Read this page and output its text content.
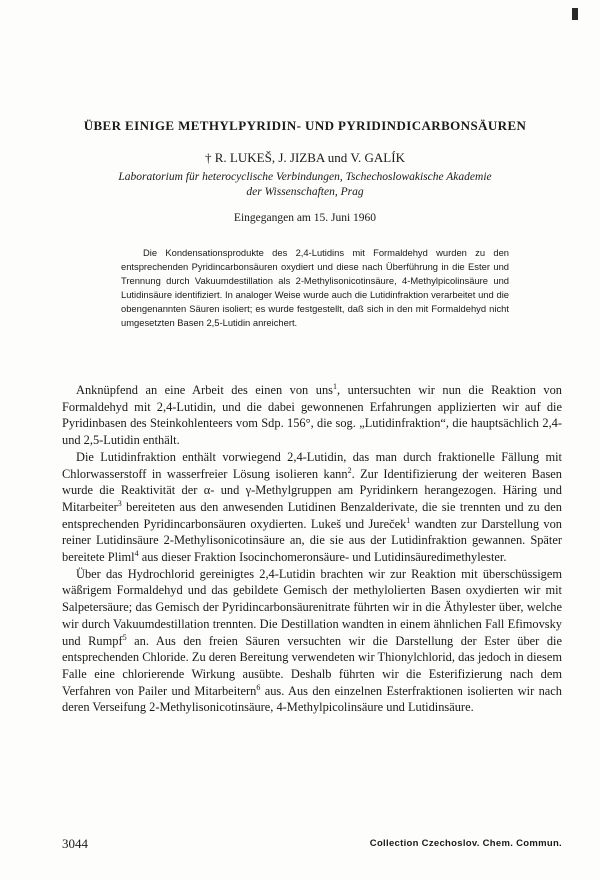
ÜBER EINIGE METHYLPYRIDIN- UND PYRIDINDICARBONSÄUREN
† R. LUKEŠ, J. JIZBA und V. GALÍK
Laboratorium für heterocyclische Verbindungen, Tschechoslowakische Akademie
der Wissenschaften, Prag
Eingegangen am 15. Juni 1960

Die Kondensationsprodukte des 2,4-Lutidins mit Formaldehyd wurden zu den entsprechenden Pyridincarbonsäuren oxydiert und diese nach Überführung in die Ester und Trennung durch Vakuumdestillation als 2-Methylisonicotinsäure, 4-Methylpicolinsäure und Lutidinsäure identifiziert. In analoger Weise wurde auch die Lutidinfraktion verarbeitet und die obengenannten Säuren isoliert; es wurde festgestellt, daß sich in den mit Formaldehyd nicht umgesetzten Basen 2,5-Lutidin anreichert.

Anknüpfend an eine Arbeit des einen von uns$^1$, untersuchten wir nun die Reaktion von Formaldehyd mit 2,4-Lutidin, und die dabei gewonnenen Erfahrungen applizierten wir auf die Pyridinbasen des Steinkohlenteers vom Sdp. 156°, die sog. „Lutidinfraktion“, die hauptsächlich 2,4- und 2,5-Lutidin enthält.

Die Lutidinfraktion enthält vorwiegend 2,4-Lutidin, das man durch fraktionelle Fällung mit Chlorwasserstoff in wasserfreier Lösung isolieren kann$^2$. Zur Identifizierung der weiteren Basen wurde die Reaktivität der α- und γ-Methylgruppen am Pyridinkern herangezogen. Häring und Mitarbeiter$^3$ bereiteten aus den anwesenden Lutidinen Benzalderivate, die sie trennten und zu den entsprechenden Pyridincarbonsäuren oxydierten. Lukeš und Jureček$^1$ wandten zur Darstellung von reiner Lutidinsäure 2-Methylisonicotinsäure an, die sie aus der Lutidinfraktion gewannen. Später bereitete Pliml$^4$ aus dieser Fraktion Isocinchomeronsäure- und Lutidinsäuredimethylester.

Über das Hydrochlorid gereinigtes 2,4-Lutidin brachten wir zur Reaktion mit überschüssigem wäßrigem Formaldehyd und das gebildete Gemisch der methylolierten Basen oxydierten wir mit Salpetersäure; das Gemisch der Pyridincarbonsäurenitrate führten wir in die Äthylester über, welche wir durch Vakuumdestillation trennten. Die Destillation wandten in einem ähnlichen Fall Efimovsky und Rumpf$^5$ an. Aus den freien Säuren versuchten wir die Darstellung der Ester über die entsprechenden Chloride. Zu deren Bereitung verwendeten wir Thionylchlorid, das jedoch in diesem Falle eine chlorierende Wirkung ausübte. Deshalb führten wir die Esterifizierung nach dem Verfahren von Pailer und Mitarbeitern$^6$ aus. Aus den einzelnen Esterfraktionen isolierten wir nach deren Verseifung 2-Methylisonicotinsäure, 4-Methylpicolinsäure und Lutidinsäure.

3044	Collection Czechoslov. Chem. Commun.
